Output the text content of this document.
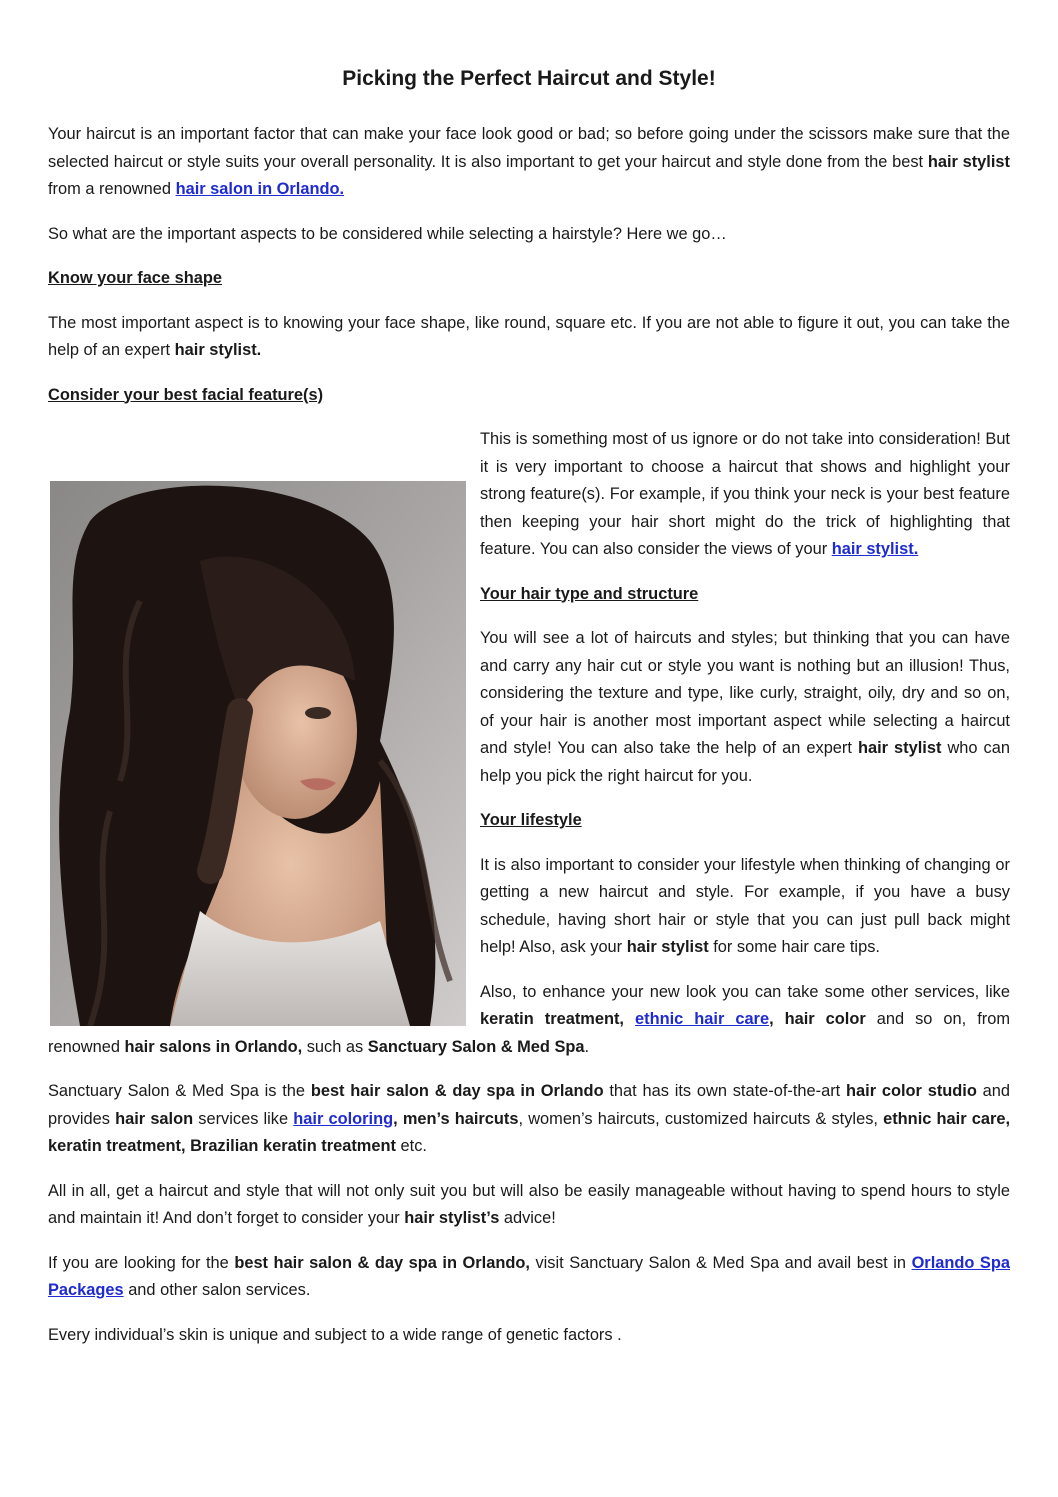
Picking the Perfect Haircut and Style!

Your haircut is an important factor that can make your face look good or bad; so before going under the scissors make sure that the selected haircut or style suits your overall personality. It is also important to get your haircut and style done from the best hair stylist from a renowned hair salon in Orlando.

So what are the important aspects to be considered while selecting a hairstyle? Here we go…

Know your face shape

The most important aspect is to knowing your face shape, like round, square etc. If you are not able to figure it out, you can take the help of an expert hair stylist.

Consider your best facial feature(s)

This is something most of us ignore or do not take into consideration! But it is very important to choose a haircut that shows and highlight your strong feature(s). For example, if you think your neck is your best feature then keeping your hair short might do the trick of highlighting that feature. You can also consider the views of your hair stylist.

Your hair type and structure

You will see a lot of haircuts and styles; but thinking that you can have and carry any hair cut or style you want is nothing but an illusion! Thus, considering the texture and type, like curly, straight, oily, dry and so on, of your hair is another most important aspect while selecting a haircut and style! You can also take the help of an expert hair stylist who can help you pick the right haircut for you.

Your lifestyle

It is also important to consider your lifestyle when thinking of changing or getting a new haircut and style. For example, if you have a busy schedule, having short hair or style that you can just pull back might help! Also, ask your hair stylist for some hair care tips.

Also, to enhance your new look you can take some other services, like keratin treatment, ethnic hair care, hair color and so on, from renowned hair salons in Orlando, such as Sanctuary Salon & Med Spa.

Sanctuary Salon & Med Spa is the best hair salon & day spa in Orlando that has its own state-of-the-art hair color studio and provides hair salon services like hair coloring, men’s haircuts, women’s haircuts, customized haircuts & styles, ethnic hair care, keratin treatment, Brazilian keratin treatment etc.

All in all, get a haircut and style that will not only suit you but will also be easily manageable without having to spend hours to style and maintain it! And don’t forget to consider your hair stylist’s advice!

If you are looking for the best hair salon & day spa in Orlando, visit Sanctuary Salon & Med Spa and avail best in Orlando Spa Packages and other salon services.

Every individual’s skin is unique and subject to a wide range of genetic factors .
